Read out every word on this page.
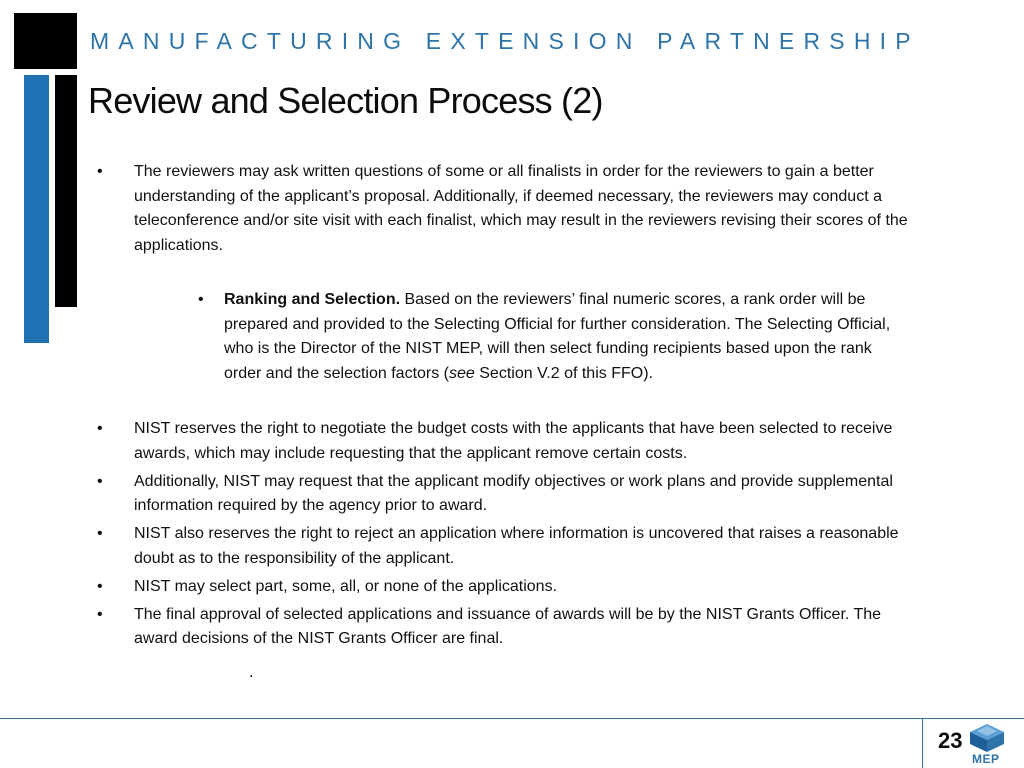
MANUFACTURING EXTENSION PARTNERSHIP
Review and Selection Process (2)
• The reviewers may ask written questions of some or all finalists in order for the reviewers to gain a better understanding of the applicant’s proposal. Additionally, if deemed necessary, the reviewers may conduct a teleconference and/or site visit with each finalist, which may result in the reviewers revising their scores of the applications.
• Ranking and Selection. Based on the reviewers’ final numeric scores, a rank order will be prepared and provided to the Selecting Official for further consideration. The Selecting Official, who is the Director of the NIST MEP, will then select funding recipients based upon the rank order and the selection factors (see Section V.2 of this FFO).
• NIST reserves the right to negotiate the budget costs with the applicants that have been selected to receive awards, which may include requesting that the applicant remove certain costs.
• Additionally, NIST may request that the applicant modify objectives or work plans and provide supplemental information required by the agency prior to award.
• NIST also reserves the right to reject an application where information is uncovered that raises a reasonable doubt as to the responsibility of the applicant.
• NIST may select part, some, all, or none of the applications.
• The final approval of selected applications and issuance of awards will be by the NIST Grants Officer. The award decisions of the NIST Grants Officer are final.
.
23
MEP
